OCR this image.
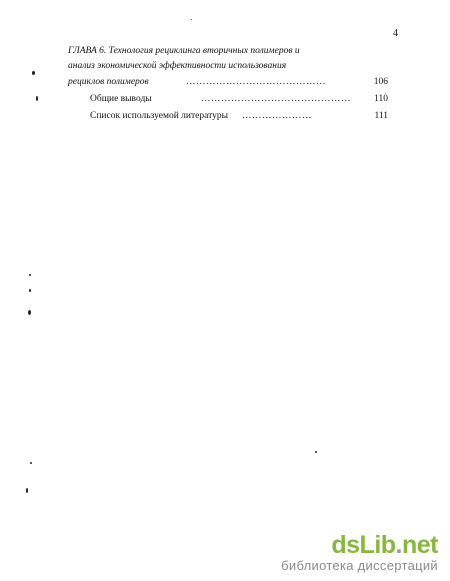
4
ГЛАВА 6. Технология рециклинга вторичных полимеров и
анализ экономической эффективности использования
рециклов полимеров	……………………………………	106
Общие выводы	……………………………………… 110
Список используемой литературы …………………	111
dsLib.net
библиотека диссертаций
